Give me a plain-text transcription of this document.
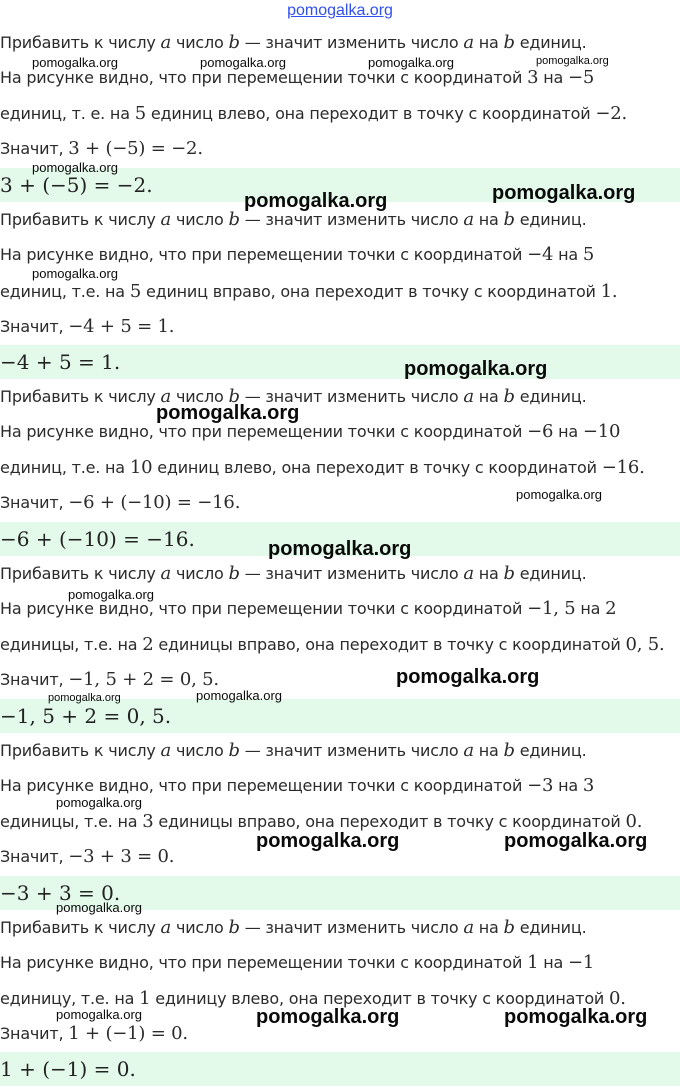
pomogalka.org
Прибавить к числу a число b — значит изменить число a на b единиц.
На рисунке видно, что при перемещении точки с координатой 3 на −5
единиц, т. е. на 5 единиц влево, она переходит в точку с координатой −2.
Значит, 3 + (−5) = −2.
3 + (−5) = −2.
Прибавить к числу a число b — значит изменить число a на b единиц.
На рисунке видно, что при перемещении точки с координатой −4 на 5
единиц, т.е. на 5 единиц вправо, она переходит в точку с координатой 1.
Значит, −4 + 5 = 1.
−4 + 5 = 1.
Прибавить к числу a число b — значит изменить число a на b единиц.
На рисунке видно, что при перемещении точки с координатой −6 на −10
единиц, т.е. на 10 единиц влево, она переходит в точку с координатой −16.
Значит, −6 + (−10) = −16.
−6 + (−10) = −16.
Прибавить к числу a число b — значит изменить число a на b единиц.
На рисунке видно, что при перемещении точки с координатой −1, 5 на 2
единицы, т.е. на 2 единицы вправо, она переходит в точку с координатой 0, 5.
Значит, −1, 5 + 2 = 0, 5.
−1, 5 + 2 = 0, 5.
Прибавить к числу a число b — значит изменить число a на b единиц.
На рисунке видно, что при перемещении точки с координатой −3 на 3
единицы, т.е. на 3 единицы вправо, она переходит в точку с координатой 0.
Значит, −3 + 3 = 0.
−3 + 3 = 0.
Прибавить к числу a число b — значит изменить число a на b единиц.
На рисунке видно, что при перемещении точки с координатой 1 на −1
единицу, т.е. на 1 единицу влево, она переходит в точку с координатой 0.
Значит, 1 + (−1) = 0.
1 + (−1) = 0.
pomogalka.org	pomogalka.org	pomogalka.org	pomogalka.org
pomogalka.org
pomogalka.org	pomogalka.org
pomogalka.org
pomogalka.org
pomogalka.org
pomogalka.org
pomogalka.org
pomogalka.org
pomogalka.org
pomogalka.org	pomogalka.org
pomogalka.org
pomogalka.org	pomogalka.org
pomogalka.org
pomogalka.org	pomogalka.org	pomogalka.org
